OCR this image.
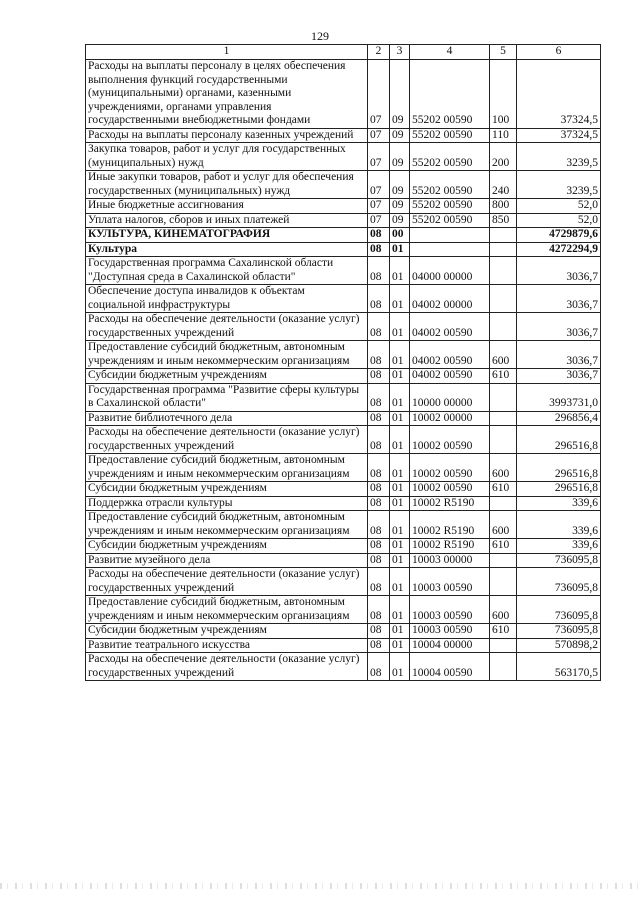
129
1	2	3	4	5	6
Расходы на выплаты персоналу в целях обеспечения выполнения функций государственными (муниципальными) органами, казенными учреждениями, органами управления государственными внебюджетными фондами	07	09	55202 00590	100	37324,5
Расходы на выплаты персоналу казенных учреждений	07	09	55202 00590	110	37324,5
Закупка товаров, работ и услуг для государственных (муниципальных) нужд	07	09	55202 00590	200	3239,5
Иные закупки товаров, работ и услуг для обеспечения государственных (муниципальных) нужд	07	09	55202 00590	240	3239,5
Иные бюджетные ассигнования	07	09	55202 00590	800	52,0
Уплата налогов, сборов и иных платежей	07	09	55202 00590	850	52,0
КУЛЬТУРА, КИНЕМАТОГРАФИЯ	08	00			4729879,6
Культура	08	01			4272294,9
Государственная программа Сахалинской области "Доступная среда в Сахалинской области"	08	01	04000 00000		3036,7
Обеспечение доступа инвалидов к объектам социальной инфраструктуры	08	01	04002 00000		3036,7
Расходы на обеспечение деятельности (оказание услуг) государственных учреждений	08	01	04002 00590		3036,7
Предоставление субсидий бюджетным, автономным учреждениям и иным некоммерческим организациям	08	01	04002 00590	600	3036,7
Субсидии бюджетным учреждениям	08	01	04002 00590	610	3036,7
Государственная программа "Развитие сферы культуры в Сахалинской области"	08	01	10000 00000		3993731,0
Развитие библиотечного дела	08	01	10002 00000		296856,4
Расходы на обеспечение деятельности (оказание услуг) государственных учреждений	08	01	10002 00590		296516,8
Предоставление субсидий бюджетным, автономным учреждениям и иным некоммерческим организациям	08	01	10002 00590	600	296516,8
Субсидии бюджетным учреждениям	08	01	10002 00590	610	296516,8
Поддержка отрасли культуры	08	01	10002 R5190		339,6
Предоставление субсидий бюджетным, автономным учреждениям и иным некоммерческим организациям	08	01	10002 R5190	600	339,6
Субсидии бюджетным учреждениям	08	01	10002 R5190	610	339,6
Развитие музейного дела	08	01	10003 00000		736095,8
Расходы на обеспечение деятельности (оказание услуг) государственных учреждений	08	01	10003 00590		736095,8
Предоставление субсидий бюджетным, автономным учреждениям и иным некоммерческим организациям	08	01	10003 00590	600	736095,8
Субсидии бюджетным учреждениям	08	01	10003 00590	610	736095,8
Развитие театрального искусства	08	01	10004 00000		570898,2
Расходы на обеспечение деятельности (оказание услуг) государственных учреждений	08	01	10004 00590		563170,5
